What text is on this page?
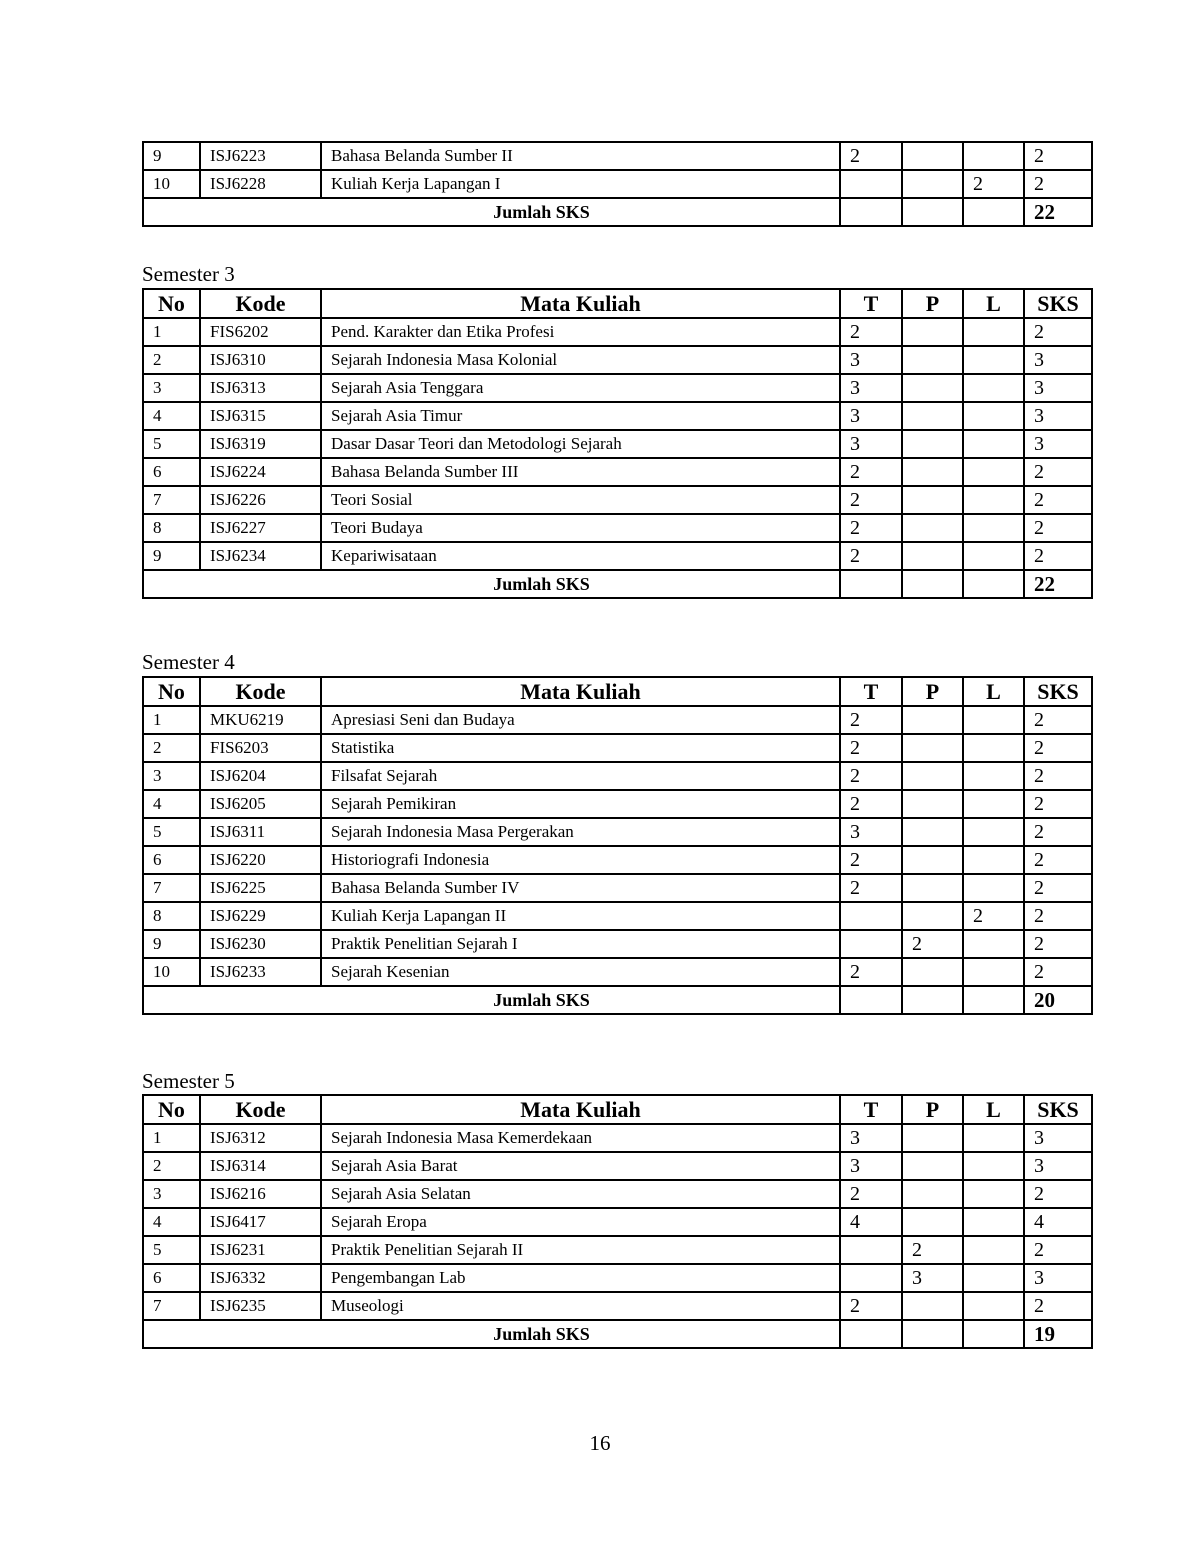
9	ISJ6223	Bahasa Belanda Sumber II	2			2
10	ISJ6228	Kuliah Kerja Lapangan I			2	2
Jumlah SKS						22
Semester 3
No	Kode	Mata Kuliah	T	P	L	SKS
1	FIS6202	Pend. Karakter dan Etika Profesi	2			2
2	ISJ6310	Sejarah Indonesia Masa Kolonial	3			3
3	ISJ6313	Sejarah Asia Tenggara	3			3
4	ISJ6315	Sejarah Asia Timur	3			3
5	ISJ6319	Dasar Dasar Teori dan Metodologi Sejarah	3			3
6	ISJ6224	Bahasa Belanda Sumber III	2			2
7	ISJ6226	Teori Sosial	2			2
8	ISJ6227	Teori Budaya	2			2
9	ISJ6234	Kepariwisataan	2			2
Jumlah SKS						22
Semester 4
No	Kode	Mata Kuliah	T	P	L	SKS
1	MKU6219	Apresiasi Seni dan Budaya	2			2
2	FIS6203	Statistika	2			2
3	ISJ6204	Filsafat Sejarah	2			2
4	ISJ6205	Sejarah Pemikiran	2			2
5	ISJ6311	Sejarah Indonesia Masa Pergerakan	3			2
6	ISJ6220	Historiografi Indonesia	2			2
7	ISJ6225	Bahasa Belanda Sumber IV	2			2
8	ISJ6229	Kuliah Kerja Lapangan II			2	2
9	ISJ6230	Praktik Penelitian Sejarah I		2		2
10	ISJ6233	Sejarah Kesenian	2			2
Jumlah SKS						20
Semester 5
No	Kode	Mata Kuliah	T	P	L	SKS
1	ISJ6312	Sejarah Indonesia Masa Kemerdekaan	3			3
2	ISJ6314	Sejarah Asia Barat	3			3
3	ISJ6216	Sejarah Asia Selatan	2			2
4	ISJ6417	Sejarah Eropa	4			4
5	ISJ6231	Praktik Penelitian Sejarah II		2		2
6	ISJ6332	Pengembangan Lab		3		3
7	ISJ6235	Museologi	2			2
Jumlah SKS						19
16
